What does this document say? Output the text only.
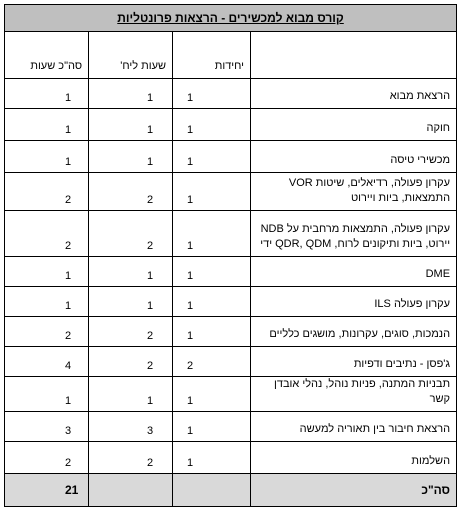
קורס מבוא למכשירים - הרצאות פרונטליות			
	יחידות	שעות ליח'	סה"כ שעות
הרצאת מבוא	1	1	1
חוקה	1	1	1
מכשירי טיסה	1	1	1
עקרון פעולה, רדיאלים, שיטות VOR
התמצאות, ביות ויירוט	1	2	2
עקרון פעולה, התמצאות מרחבית על NDB
יירוט, ביות ותיקונים לרוח, QDR, QDM ידי	1	2	2
DME	1	1	1
עקרון פעולה ILS	1	1	1
הנמכות, סוגים, עקרונות, מושגים כלליים	1	2	2
ג'פסן - נתיבים ודפיות	2	2	4
תבניות המתנה, פניות נוהל, נהלי אובדן קשר	1	1	1
הרצאת חיבור בין תאוריה למעשה	1	3	3
השלמות	1	2	2
סה"כ			21
